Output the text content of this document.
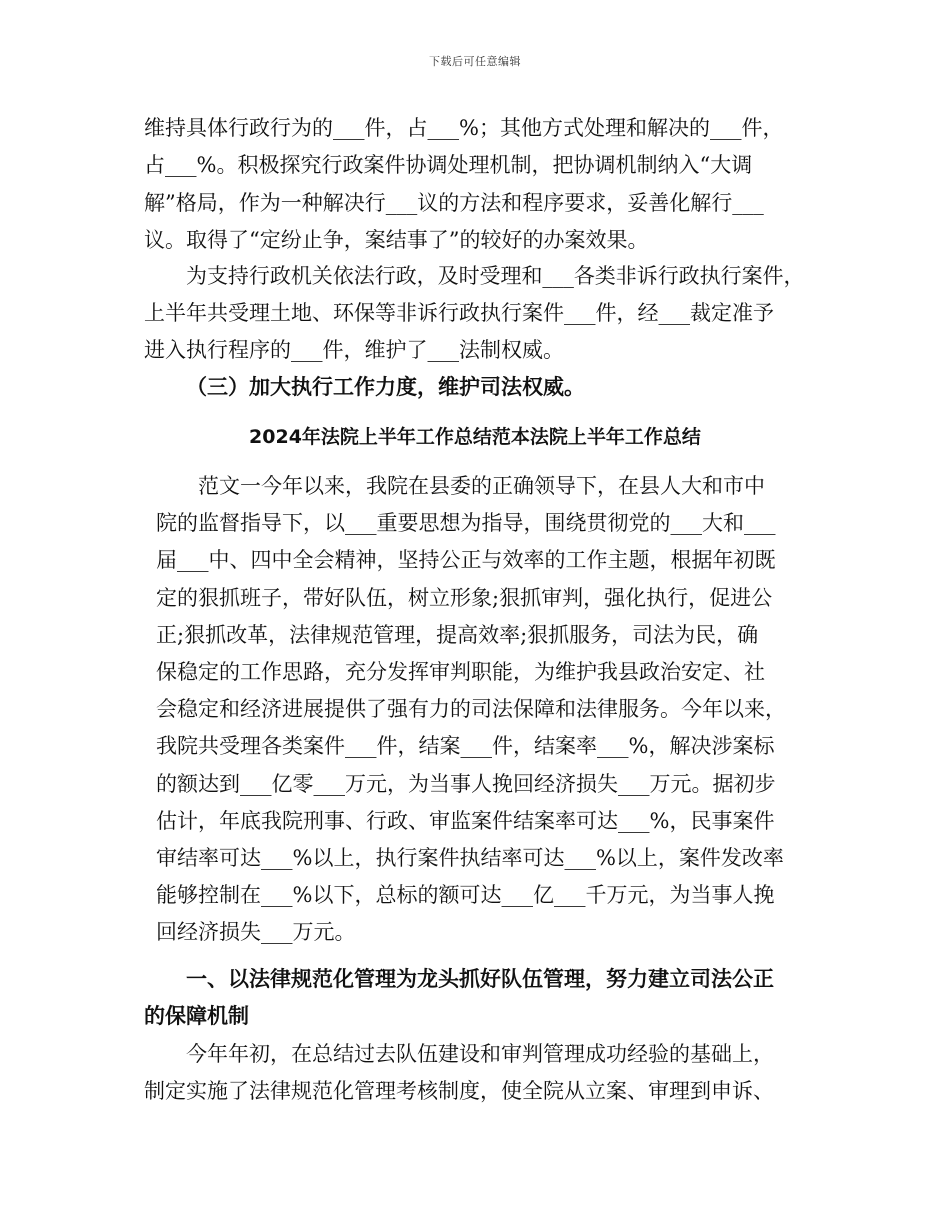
下载后可任意编辑
维持具体行政行为的___件，占___%；其他方式处理和解决的___件，
占___%。积极探究行政案件协调处理机制，把协调机制纳入“大调
解”格局，作为一种解决行___议的方法和程序要求，妥善化解行___
议。取得了“定纷止争，案结事了”的较好的办案效果。
为支持行政机关依法行政，及时受理和___各类非诉行政执行案件，
上半年共受理土地、环保等非诉行政执行案件___件，经___裁定准予
进入执行程序的___件，维护了___法制权威。
（三）加大执行工作力度，维护司法权威。
2024年法院上半年工作总结范本法院上半年工作总结
范文一今年以来，我院在县委的正确领导下，在县人大和市中
院的监督指导下，以___重要思想为指导，围绕贯彻党的___大和___
届___中、四中全会精神，坚持公正与效率的工作主题，根据年初既
定的狠抓班子，带好队伍，树立形象;狠抓审判，强化执行，促进公
正;狠抓改革，法律规范管理，提高效率;狠抓服务，司法为民，确
保稳定的工作思路，充分发挥审判职能，为维护我县政治安定、社
会稳定和经济进展提供了强有力的司法保障和法律服务。今年以来，
我院共受理各类案件___件，结案___件，结案率___%，解决涉案标
的额达到___亿零___万元，为当事人挽回经济损失___万元。据初步
估计，年底我院刑事、行政、审监案件结案率可达___%，民事案件
审结率可达___%以上，执行案件执结率可达___%以上，案件发改率
能够控制在___%以下，总标的额可达___亿___千万元，为当事人挽
回经济损失___万元。
一、以法律规范化管理为龙头抓好队伍管理，努力建立司法公正
的保障机制
今年年初，在总结过去队伍建设和审判管理成功经验的基础上，
制定实施了法律规范化管理考核制度，使全院从立案、审理到申诉、
